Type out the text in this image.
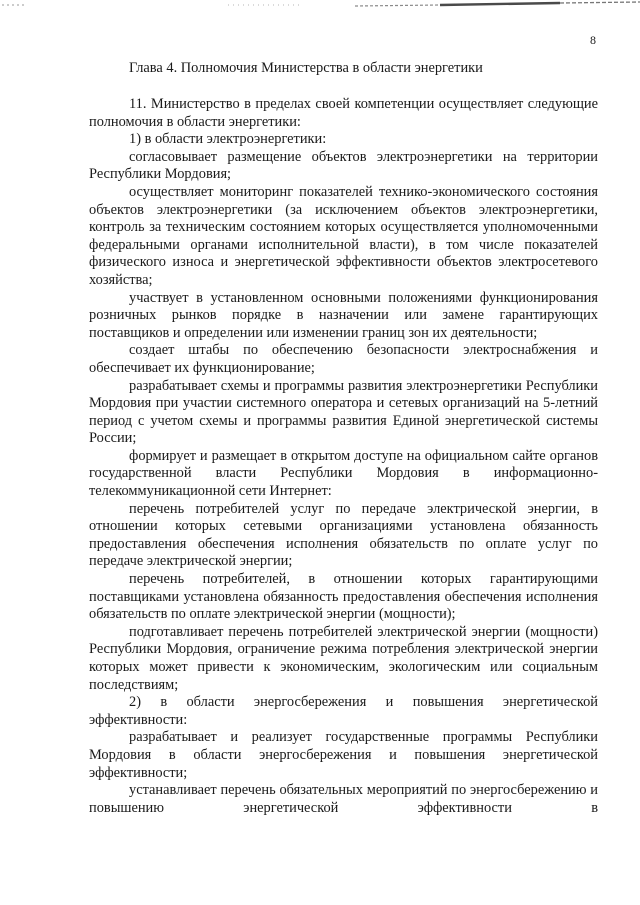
8
Глава 4. Полномочия Министерства в области энергетики

11. Министерство в пределах своей компетенции осуществляет следующие полномочия в области энергетики:

1) в области электроэнергетики:

согласовывает размещение объектов электроэнергетики на территории Республики Мордовия;

осуществляет мониторинг показателей технико-экономического состояния объектов электроэнергетики (за исключением объектов электроэнергетики, контроль за техническим состоянием которых осуществляется уполномоченными федеральными органами исполнительной власти), в том числе показателей физического износа и энергетической эффективности объектов электросетевого хозяйства;

участвует в установленном основными положениями функционирования розничных рынков порядке в назначении или замене гарантирующих поставщиков и определении или изменении границ зон их деятельности;

создает штабы по обеспечению безопасности электроснабжения и обеспечивает их функционирование;

разрабатывает схемы и программы развития электроэнергетики Республики Мордовия при участии системного оператора и сетевых организаций на 5-летний период с учетом схемы и программы развития Единой энергетической системы России;

формирует и размещает в открытом доступе на официальном сайте органов государственной власти Республики Мордовия в информационно-телекоммуникационной сети Интернет:

перечень потребителей услуг по передаче электрической энергии, в отношении которых сетевыми организациями установлена обязанность предоставления обеспечения исполнения обязательств по оплате услуг по передаче электрической энергии;

перечень потребителей, в отношении которых гарантирующими поставщиками установлена обязанность предоставления обеспечения исполнения обязательств по оплате электрической энергии (мощности);

подготавливает перечень потребителей электрической энергии (мощности) Республики Мордовия, ограничение режима потребления электрической энергии которых может привести к экономическим, экологическим или социальным последствиям;

2) в области энергосбережения и повышения энергетической эффективности:

разрабатывает и реализует государственные программы Республики Мордовия в области энергосбережения и повышения энергетической эффективности;

устанавливает перечень обязательных мероприятий по энергосбережению и повышению энергетической эффективности в
